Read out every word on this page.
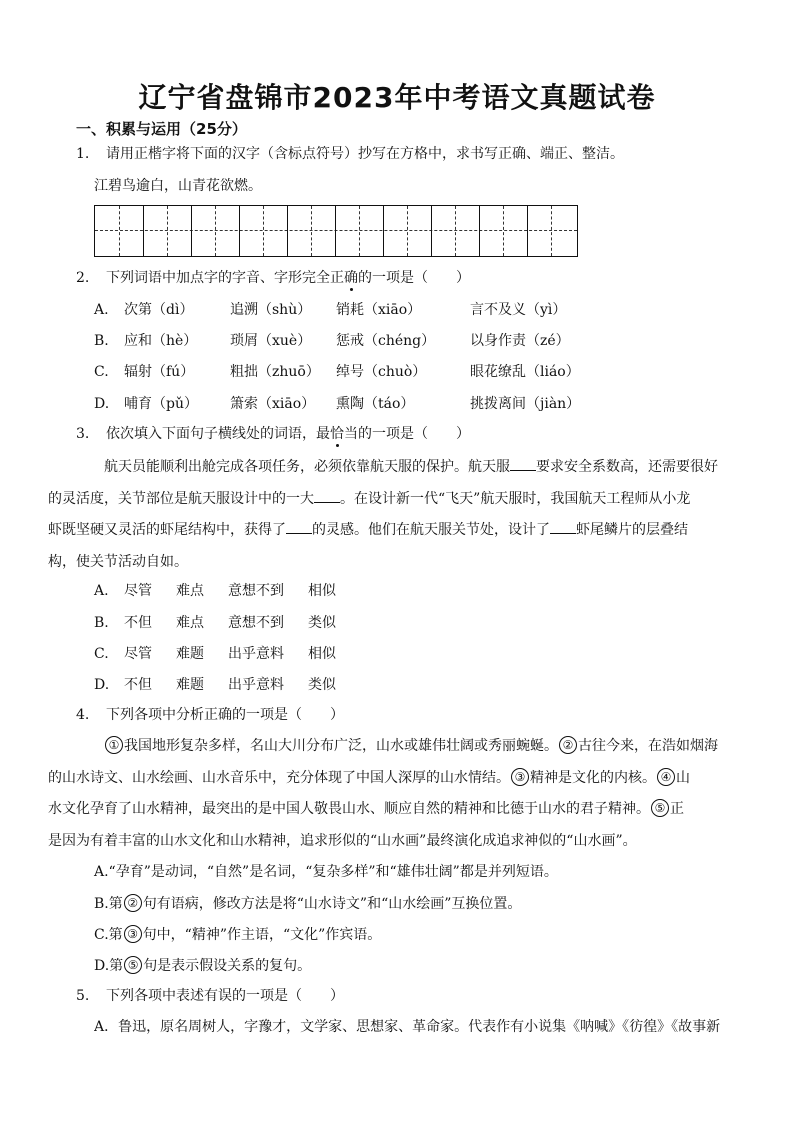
辽宁省盘锦市2023年中考语文真题试卷
一、积累与运用（25分）
1. 请用正楷字将下面的汉字（含标点符号）抄写在方格中，求书写正确、端正、整洁。
江碧鸟逾白，山青花欲燃。
2. 下列词语中加点字的字音、字形完全正确的一项是（　　）
A. 次第（dì）	追溯（shù） 销耗（xiāo）	言不及义（yì）
B. 应和（hè） 琐屑（xuè） 惩戒（chéng） 以身作责（zé）
C. 辐射（fú）	粗拙（zhuō） 绰号（chuò）	眼花缭乱（liáo）
D. 哺育（pǔ） 箫索（xiāo） 熏陶（táo）	挑拨离间（jiàn）
3. 依次填入下面句子横线处的词语，最恰当的一项是（　　）
航天员能顺利出舱完成各项任务，必须依靠航天服的保护。航天服 要求安全系数高，还需要很好
的灵活度，关节部位是航天服设计中的一大 。在设计新一代“飞天”航天服时，我国航天工程师从小龙
虾既坚硬又灵活的虾尾结构中，获得了 的灵感。他们在航天服关节处，设计了 虾尾鳞片的层叠结
构，使关节活动自如。
A. 尽管 难点 意想不到 相似
B. 不但 难点 意想不到 类似
C. 尽管 难题 出乎意料 相似
D. 不但 难题 出乎意料 类似
4. 下列各项中分析正确的一项是（　　）
① 我国地形复杂多样，名山大川分布广泛，山水或雄伟壮阔或秀丽蜿蜒。 ② 古往今来，在浩如烟海
的山水诗文、山水绘画、山水音乐中，充分体现了中国人深厚的山水情结。 ③ 精神是文化的内核。 ④ 山
水文化孕育了山水精神，最突出的是中国人敬畏山水、顺应自然的精神和比德于山水的君子精神。 ⑤ 正
是因为有着丰富的山水文化和山水精神，追求形似的“山水画”最终演化成追求神似的“山水画”。
A.“孕育”是动词，“自然”是名词，“复杂多样”和“雄伟壮阔”都是并列短语。
B.第 ② 句有语病，修改方法是将“山水诗文”和“山水绘画”互换位置。
C.第 ③ 句中，“精神”作主语，“文化”作宾语。
D.第 ⑤ 句是表示假设关系的复句。
5. 下列各项中表述有误的一项是（　　）
A．鲁迅，原名周树人，字豫才，文学家、思想家、革命家。代表作有小说集《呐喊》《彷徨》《故事新
